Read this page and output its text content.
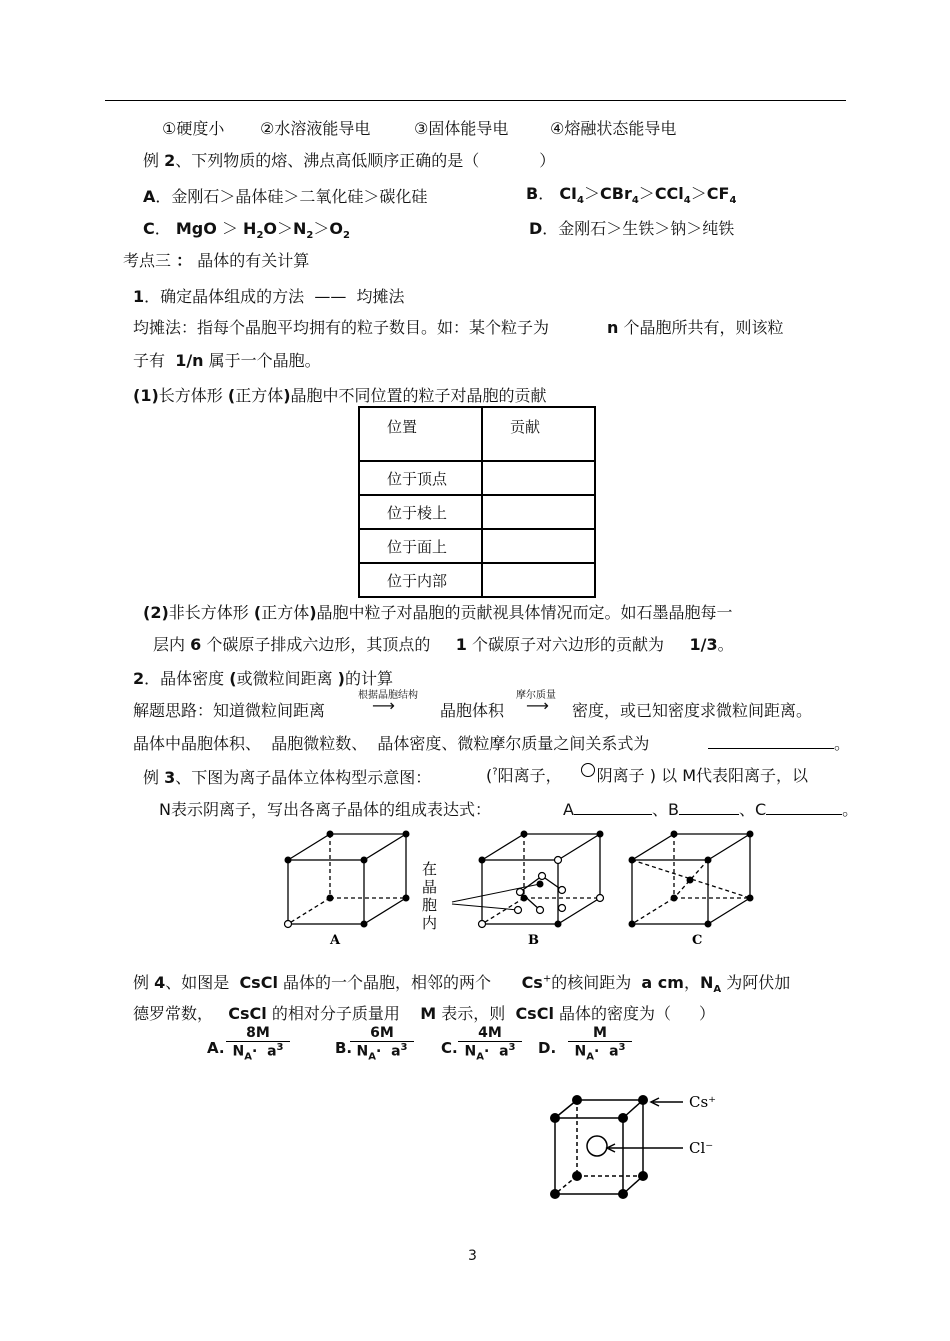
①硬度小 ②水溶液能导电	③固体能导电	④熔融状态能导电
例 2、下列物质的熔、沸点高低顺序正确的是（	）
A．金刚石＞晶体硅＞二氧化硅＞碳化硅	B． $CI_4>CBr_4>CCl_4>CF_4$
C． MgO ＞ $H_2O>N_2>O_2$	D．金刚石＞生铁＞钠＞纯铁
考点三 ： 晶体的有关计算
1．确定晶体组成的方法 —— 均摊法
均摊法：指每个晶胞平均拥有的粒子数目。如：某个粒子为	n 个晶胞所共有，则该粒
子有 1/n 属于一个晶胞。
(1)长方体形 (正方体)晶胞中不同位置的粒子对晶胞的贡献
位置	贡献
位于顶点	
位于棱上	
位于面上	
位于内部	
(2)非长方体形 (正方体)晶胞中粒子对晶胞的贡献视具体情况而定。如石墨晶胞每一
层内 6 个碳原子排成六边形，其顶点的 1 个碳原子对六边形的贡献为 1/3。
2．晶体密度 (或微粒间距离 )的计算
解题思路：知道微粒间距离
根据晶胞结构
⟶	晶胞体积
摩尔质量
⟶ 密度，或已知密度求微粒间距离。
晶体中晶胞体积、 晶胞微粒数、 晶体密度、微粒摩尔质量之间关系式为	。
例 3、下图为离子晶体立体构型示意图：	(?阳离子， 阴离子 ) 以 M代表阳离子，以
N表示阴离子，写出各离子晶体的组成表达式：	A	、B	、C	。
A	B	C
在
晶
胞
内
例 4、如图是 CsCl 晶体的一个晶胞，相邻的两个 Cs+的核间距为 a cm，$N_A$ 为阿伏加
德罗常数， CsCl 的相对分子质量用 M 表示，则 CsCl 晶体的密度为（ ）
A. $\frac{8M}{N_A\cdot a^3}$	B.
$\frac{6M}{N_A\cdot a^3} C$. $\frac{4M}{N_A\cdot a^3} D$. $\frac{M}{N_A\cdot a^3}$
Cs⁺
Cl⁻
3
